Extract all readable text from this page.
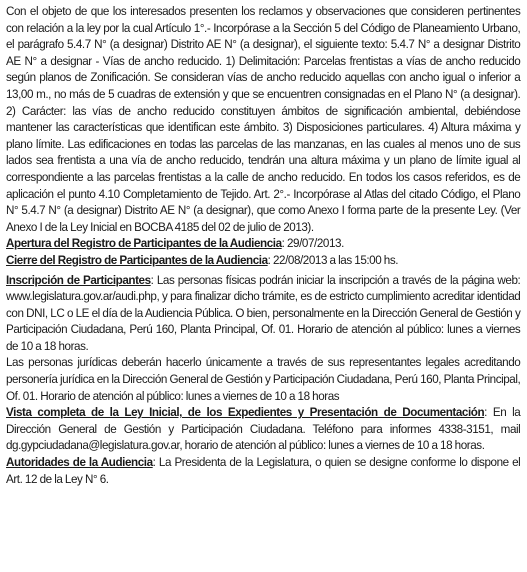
Con el objeto de que los interesados presenten los reclamos y observaciones que consideren pertinentes con relación a la ley por la cual Artículo 1°.- Incorpórase a la Sección 5 del Código de Planeamiento Urbano, el parágrafo 5.4.7 N° (a designar) Distrito AE N° (a designar), el siguiente texto: 5.4.7 N° a designar Distrito AE N° a designar - Vías de ancho reducido. 1) Delimitación: Parcelas frentistas a vías de ancho reducido según planos de Zonificación. Se consideran vías de ancho reducido aquellas con ancho igual o inferior a 13,00 m., no más de 5 cuadras de extensión y que se encuentren consignadas en el Plano N° (a designar). 2) Carácter: las vías de ancho reducido constituyen ámbitos de significación ambiental, debiéndose mantener las características que identifican este ámbito. 3) Disposiciones particulares. 4) Altura máxima y plano límite. Las edificaciones en todas las parcelas de las manzanas, en las cuales al menos uno de sus lados sea frentista a una vía de ancho reducido, tendrán una altura máxima y un plano de límite igual al correspondiente a las parcelas frentistas a la calle de ancho reducido. En todos los casos referidos, es de aplicación el punto 4.10 Completamiento de Tejido. Art. 2°.- Incorpórase al Atlas del citado Código, el Plano N° 5.4.7 N° (a designar) Distrito AE N° (a designar), que como Anexo I forma parte de la presente Ley. (Ver Anexo I de la Ley Inicial en BOCBA 4185 del 02 de julio de 2013).

Apertura del Registro de Participantes de la Audiencia: 29/07/2013.

Cierre del Registro de Participantes de la Audiencia: 22/08/2013 a las 15:00 hs.

Inscripción de Participantes: Las personas físicas podrán iniciar la inscripción a través de la página web: www.legislatura.gov.ar/audi.php, y para finalizar dicho trámite, es de estricto cumplimiento acreditar identidad con DNI, LC o LE el día de la Audiencia Pública. O bien, personalmente en la Dirección General de Gestión y Participación Ciudadana, Perú 160, Planta Principal, Of. 01. Horario de atención al público: lunes a viernes de 10 a 18 horas.

Las personas jurídicas deberán hacerlo únicamente a través de sus representantes legales acreditando personería jurídica en la Dirección General de Gestión y Participación Ciudadana, Perú 160, Planta Principal, Of. 01. Horario de atención al público: lunes a viernes de 10 a 18 horas

Vista completa de la Ley Inicial, de los Expedientes y Presentación de Documentación: En la Dirección General de Gestión y Participación Ciudadana. Teléfono para informes 4338-3151, mail dg.gypciudadana@legislatura.gov.ar, horario de atención al público: lunes a viernes de 10 a 18 horas.

Autoridades de la Audiencia: La Presidenta de la Legislatura, o quien se designe conforme lo dispone el Art. 12 de la Ley N° 6.
